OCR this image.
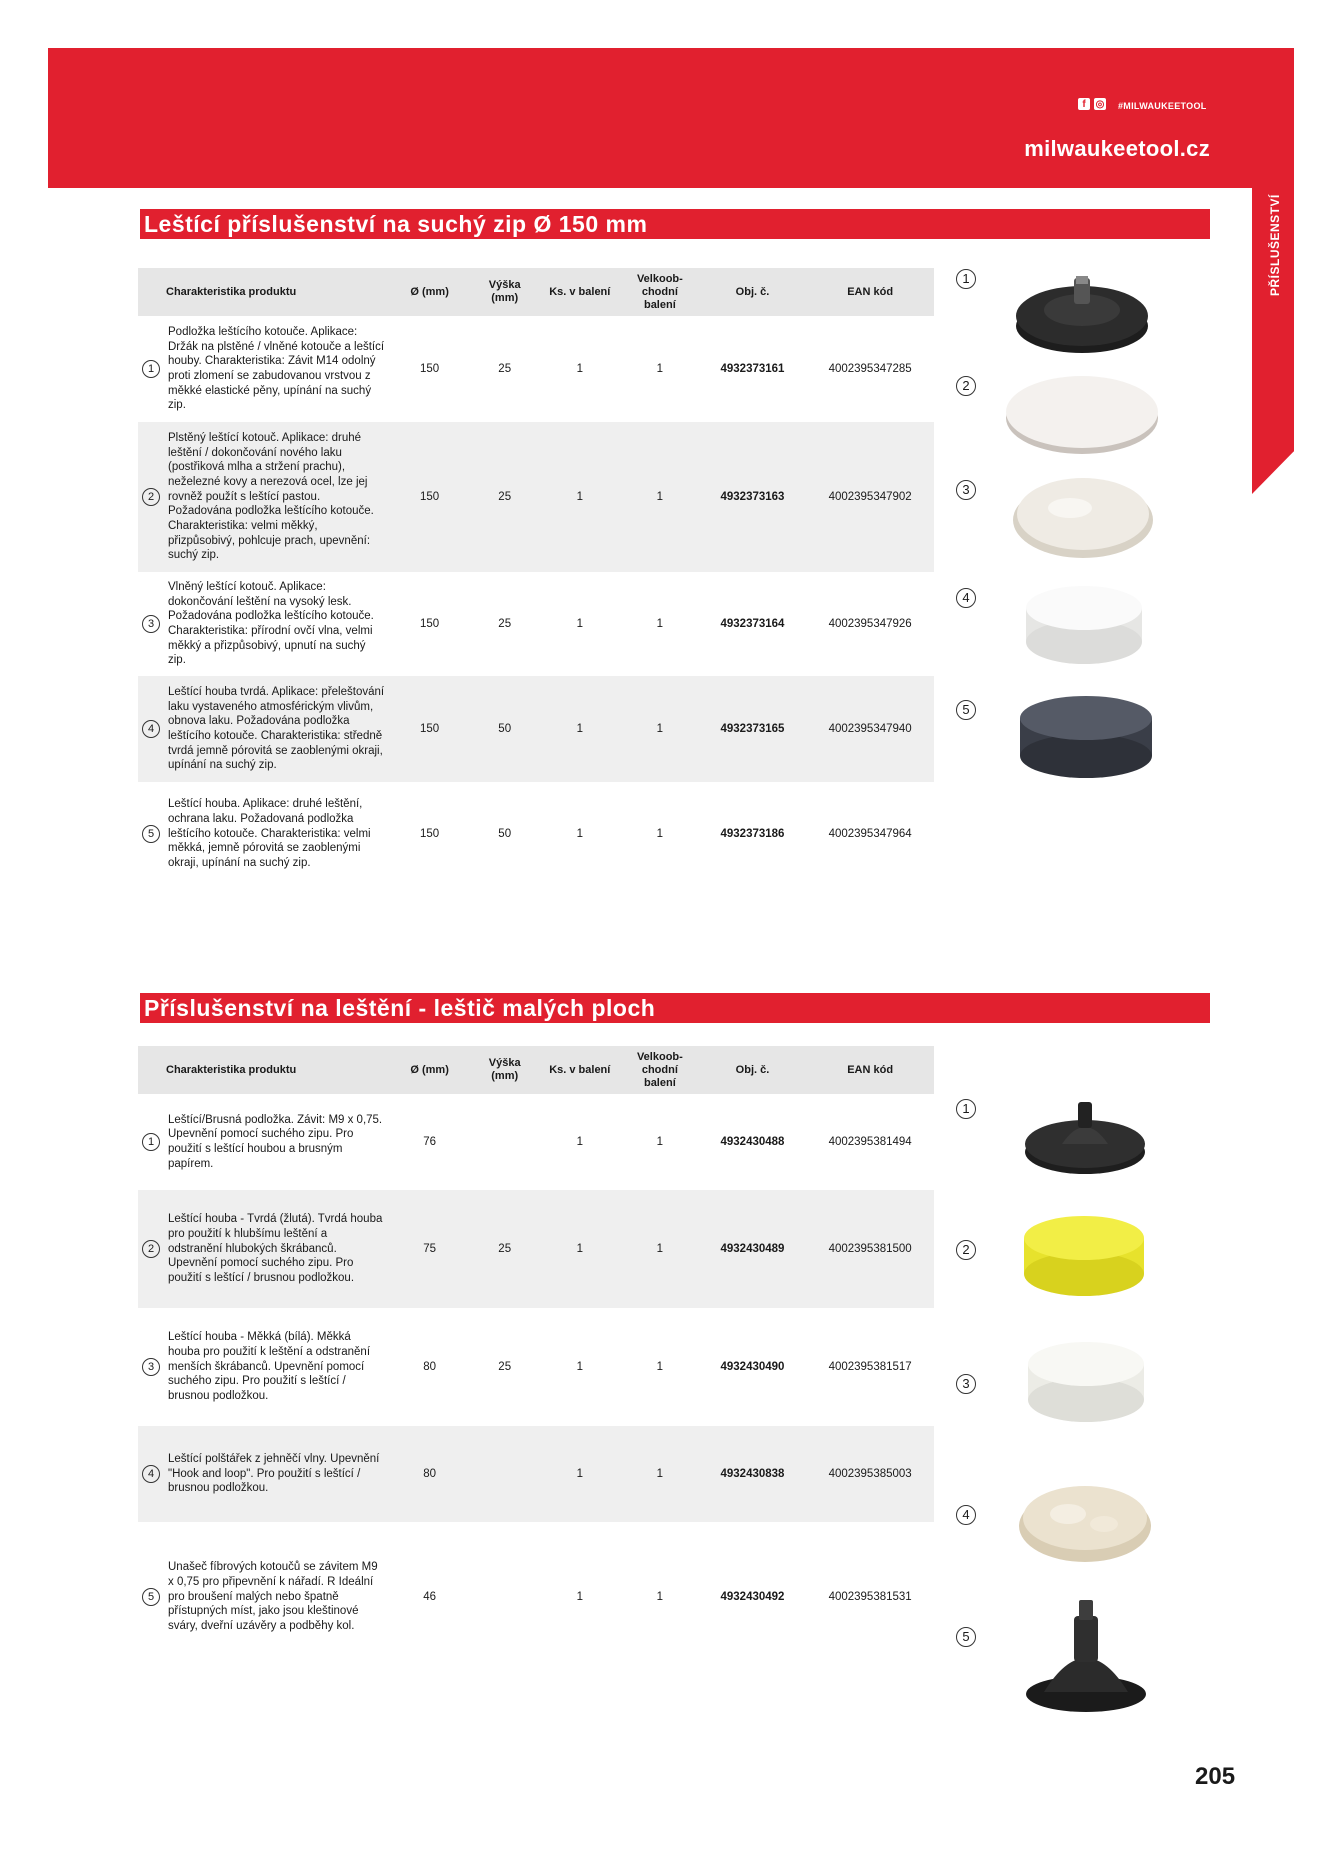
f ◎ #MILWAUKEETOOL
milwaukeetool.cz
PŘÍSLUŠENSTVÍ
Leštící příslušenství na suchý zip Ø 150 mm
Charakteristika produktu	Ø (mm)	Výška (mm)	Ks. v balení	Velkoob- chodní balení	Obj. č.	EAN kód

1
Podložka leštícího kotouče. Aplikace: Držák na plstěné / vlněné kotouče a leštící houby. Charakteristika: Závit M14 odolný proti zlomení se zabudovanou vrstvou z měkké elastické pěny, upínání na suchý zip.	150	25	1	1	4932373161	4002395347285

2
Plstěný leštící kotouč. Aplikace: druhé leštění / dokončování nového laku (postřiková mlha a stržení prachu), neželezné kovy a nerezová ocel, lze jej rovněž použít s leštící pastou. Požadována podložka leštícího kotouče. Charakteristika: velmi měkký, přizpůsobivý, pohlcuje prach, upevnění: suchý zip.	150	25	1	1	4932373163	4002395347902

3
Vlněný leštící kotouč. Aplikace: dokončování leštění na vysoký lesk. Požadována podložka leštícího kotouče. Charakteristika: přírodní ovčí vlna, velmi měkký a přizpůsobivý, upnutí na suchý zip.	150	25	1	1	4932373164	4002395347926

4
Leštící houba tvrdá. Aplikace: přeleštování laku vystaveného atmosférickým vlivům, obnova laku. Požadována podložka leštícího kotouče. Charakteristika: středně tvrdá jemně pórovitá se zaoblenými okraji, upínání na suchý zip.	150	50	1	1	4932373165	4002395347940

5
Leštící houba. Aplikace: druhé leštění, ochrana laku. Požadovaná podložka leštícího kotouče. Charakteristika: velmi měkká, jemně pórovitá se zaoblenými okraji, upínání na suchý zip.	150	50	1	1	4932373186	4002395347964
1
2
3
4
5
Příslušenství na leštění - leštič malých ploch
Charakteristika produktu	Ø (mm)	Výška (mm)	Ks. v balení	Velkoob- chodní balení	Obj. č.	EAN kód

1
Leštící/Brusná podložka. Závit: M9 x 0,75. Upevnění pomocí suchého zipu. Pro použití s leštící houbou a brusným papírem.	76		1	1	4932430488	4002395381494

2
Leštící houba - Tvrdá (žlutá). Tvrdá houba pro použití k hlubšímu leštění a odstranění hlubokých škrábanců. Upevnění pomocí suchého zipu. Pro použití s leštící / brusnou podložkou.	75	25	1	1	4932430489	4002395381500

3
Leštící houba - Měkká (bílá). Měkká houba pro použití k leštění a odstranění menších škrábanců. Upevnění pomocí suchého zipu. Pro použití s leštící / brusnou podložkou.	80	25	1	1	4932430490	4002395381517

4
Leštící polštářek z jehněčí vlny. Upevnění "Hook and loop". Pro použití s leštící / brusnou podložkou.	80		1	1	4932430838	4002395385003

5
Unašeč fíbrových kotoučů se závitem M9 x 0,75 pro připevnění k nářadí. R Ideální pro broušení malých nebo špatně přístupných míst, jako jsou kleštinové sváry, dveřní uzávěry a podběhy kol.	46		1	1	4932430492	4002395381531
1
2
3
4
5
205
